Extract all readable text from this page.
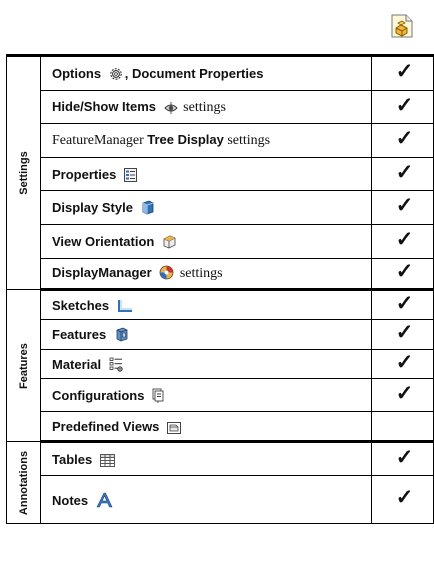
Settings	Options , Document Properties	✓
	Hide/Show Items  settings	✓
	FeatureManager Tree Display settings	✓
	Properties	✓
	Display Style	✓
	View Orientation	✓
	DisplayManager  settings	✓

Features	Sketches	✓
	Features	✓
	Material	✓
	Configurations	✓
	Predefined Views	

Annotations	Tables	✓
	Notes	✓
